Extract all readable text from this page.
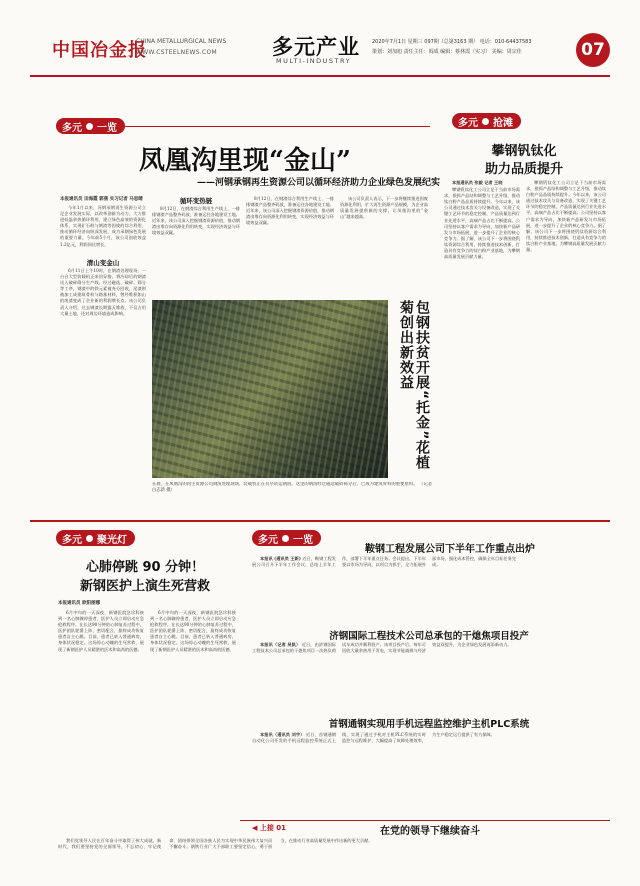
中国冶金报
CHINA METALLURGICAL NEWS
WWW.CSTEELNEWS.COM	多元产业
MULTI-INDUSTRY
2020年7月1日 星期三 097期（总第3163 期） 电话：010-64437583
策划：刘加旭 责任主任：阎成 编辑：蔡林霞（实习） 美编：周宗佳	07
多元 一览
凤凰沟里现“金山”
——河钢承钢再生资源公司以循环经济助力企业绿色发展纪实
本报通讯员 田海霞 郭燕 实习记者 马思晴

今年1月以来，河钢承钢再生资源公司立足企业发展实际，以改革创新为动力，大力推进低温余热循环利用，建立绿色高效的资源化体系，实现矿石粉与钢渣等固废的综合利用，推动循环经济向纵深发展，成为承钢绿色发展的重要力量。今年前5个月，该公司创收效益1.2亿元，利润同比增长。

清山变金山

6月11日上午10时，在钢渣处理现场，一台台大型装载机正来回穿梭，将冷却后的钢渣送入破碎筛分生产线。经过磁选、破碎、筛分等工序，钢渣中的铁元素被充分回收，尾渣则被加工成建筑骨料与路基材料，曾经堆积如山的废渣变成了企业新的利润增长点。该公司负责人介绍，过去钢渣长期露天堆放，不仅占用大量土地，还对周边环境造成影响。

循环变热链

8月12日，在钢渣综合利用生产线上，一排排钢渣产品整齐码放，准备运往各地建设工地。近年来，该公司深入挖掘钢渣资源价值，推动钢渣由堆存向资源化利用转变，实现经济效益与环境效益双赢。

8月12日，在钢渣综合利用生产线上，一排排钢渣产品整齐码放，准备运往各地建设工地。近年来，该公司深入挖掘钢渣资源价值，推动钢渣由堆存向资源化利用转变，实现经济效益与环境效益双赢。

该公司负责人表示，下一步将继续推进固废资源化利用，扩大再生资源产品规模，为企业高质量发展提供新的支撑，让凤凰沟里的“金山”越来越高。

包钢扶贫开展“托金”花植菊创出新效益
在鹿、在凤凰沟的再生资源公司钢渣处理现场，装载机正在有序转运钢渣。这里的钢渣经过磁选破碎筛分后，已成为建筑骨料的重要原料。 （记者 白志新 摄）
多元 抢滩
攀钢钒钛化
助力品质提升

本报通讯员 张毅 记者 王晓

攀钢钒钛化工公司立足于当前市场需求，狠抓产品结构调整与工艺升级，推动钛白粉产品品质持续提升。今年以来，该公司通过技术攻关与设备改造，实现了关键工艺环节的稳定控制，产品质量达到行业先进水平，高端产品占比不断提高。公司坚持以客户需求为导向，加快新产品研发与市场拓展，进一步提升了企业的核心竞争力。据了解，该公司下一步将围绕钒钛资源综合利用，持续推进技术创新，打造具有竞争力的钛白粉产业基地，为攀钢高质量发展贡献力量。

攀钢钒钛化工公司立足于当前市场需求，狠抓产品结构调整与工艺升级，推动钛白粉产品品质持续提升。今年以来，该公司通过技术攻关与设备改造，实现了关键工艺环节的稳定控制，产品质量达到行业先进水平，高端产品占比不断提高。公司坚持以客户需求为导向，加快新产品研发与市场拓展，进一步提升了企业的核心竞争力。据了解，该公司下一步将围绕钒钛资源综合利用，持续推进技术创新，打造具有竞争力的钛白粉产业基地，为攀钢高质量发展贡献力量。

多元 聚光灯
心肺停跳 90 分钟！
新钢医护上演生死营救
本报通讯员 欧阳丽娜

6月中旬的一天深夜，新钢医院急诊科接到一名心肺骤停患者，医护人员立即启动应急抢救程序。在长达90分钟的心肺复苏过程中，医护团队轮番上阵，密切配合，最终成功恢复患者自主心跳。目前，患者已转入普通病房，身体状况稳定。这场惊心动魄的生死营救，展现了新钢医护人员精湛的医术和高尚的医德。

6月中旬的一天深夜，新钢医院急诊科接到一名心肺骤停患者，医护人员立即启动应急抢救程序。在长达90分钟的心肺复苏过程中，医护团队轮番上阵，密切配合，最终成功恢复患者自主心跳。目前，患者已转入普通病房，身体状况稳定。这场惊心动魄的生死营救，展现了新钢医护人员精湛的医术和高尚的医德。

多元 一览
鞍钢工程发展公司下半年工作重点出炉

本报讯 (通讯员 王新) 近日，鞍钢工程发展公司召开下半年工作会议，总结上半年工作，部署下半年重点任务。会议提出，下半年要以市场为导向，以项目为抓手，全力拓展外部市场，强化成本管控，确保全年目标任务完成。

济钢国际工程技术公司总承包的干熄焦项目投产

本报讯（记者 吴凯） 近日，由济钢国际工程技术公司总承包的干熄焦项目一次热负荷试车成功并顺利投产。该项目投产后，每年可回收大量余热用于发电，实现节能减排与经济效益双提升，为企业绿色发展再添新动力。

首钢通钢实现用手机远程监控维护主机PLC系统

本报讯（通讯员 刘宇） 近日，首钢通钢自动化公司开发的手机远程监控系统正式上线，实现了通过手机对主机PLC系统的实时监控与远程维护，大幅提高了故障处理效率，为生产稳定运行提供了有力保障。

◀ 上接 01	在党的领导下继续奋斗

我们党领导人民在百年奋斗中取得了伟大成就。新时代，我们要坚持党的全面领导，不忘初心、牢记使命，团结带领全国各族人民为实现中华民族伟大复兴而不懈奋斗。钢铁行业广大干部职工要坚定信心，勇于担当，在推动行业高质量发展中作出新的更大贡献。
